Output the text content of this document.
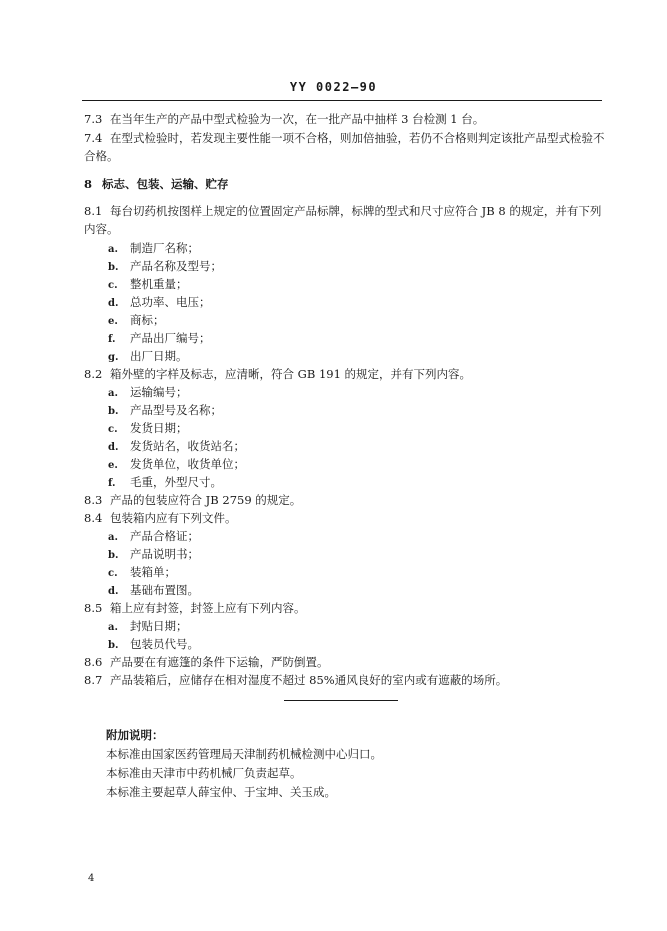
YY 0022—90
7.3 在当年生产的产品中型式检验为一次，在一批产品中抽样 3 台检测 1 台。
7.4 在型式检验时，若发现主要性能一项不合格，则加倍抽验，若仍不合格则判定该批产品型式检验不
合格。
8 标志、包装、运输、贮存
8.1 每台切药机按图样上规定的位置固定产品标牌，标牌的型式和尺寸应符合 JB 8 的规定，并有下列
内容。
a. 制造厂名称；
b. 产品名称及型号；
c. 整机重量；
d. 总功率、电压；
e. 商标；
f. 产品出厂编号；
g. 出厂日期。
8.2 箱外壁的字样及标志，应清晰，符合 GB 191 的规定，并有下列内容。
a. 运输编号；
b. 产品型号及名称；
c. 发货日期；
d. 发货站名，收货站名；
e. 发货单位，收货单位；
f. 毛重，外型尺寸。
8.3 产品的包装应符合 JB 2759 的规定。
8.4 包装箱内应有下列文件。
a. 产品合格证；
b. 产品说明书；
c. 装箱单；
d. 基础布置图。
8.5 箱上应有封签，封签上应有下列内容。
a. 封贴日期；
b. 包装员代号。
8.6 产品要在有遮篷的条件下运输，严防倒置。
8.7 产品装箱后，应储存在相对湿度不超过 85%通风良好的室内或有遮蔽的场所。
附加说明：
本标准由国家医药管理局天津制药机械检测中心归口。
本标准由天津市中药机械厂负责起草。
本标准主要起草人薛宝仲、于宝坤、关玉成。
4
